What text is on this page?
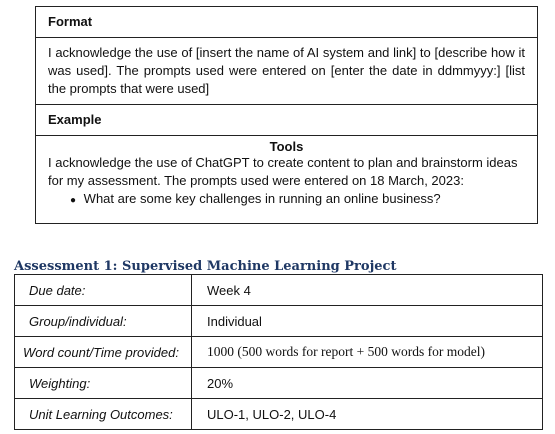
Format
I acknowledge the use of [insert the name of AI system and link] to [describe how it was used]. The prompts used were entered on [enter the date in ddmmyyy:] [list the prompts that were used]
Example
Tools
I acknowledge the use of ChatGPT to create content to plan and brainstorm ideas for my assessment. The prompts used were entered on 18 March, 2023:
● What are some key challenges in running an online business?
Assessment 1: Supervised Machine Learning Project
Due date:	Week 4

Group/individual:	Individual

Word count/Time provided:	1000 (500 words for report + 500 words for model)

Weighting:	20%

Unit Learning Outcomes:	ULO-1, ULO-2, ULO-4
